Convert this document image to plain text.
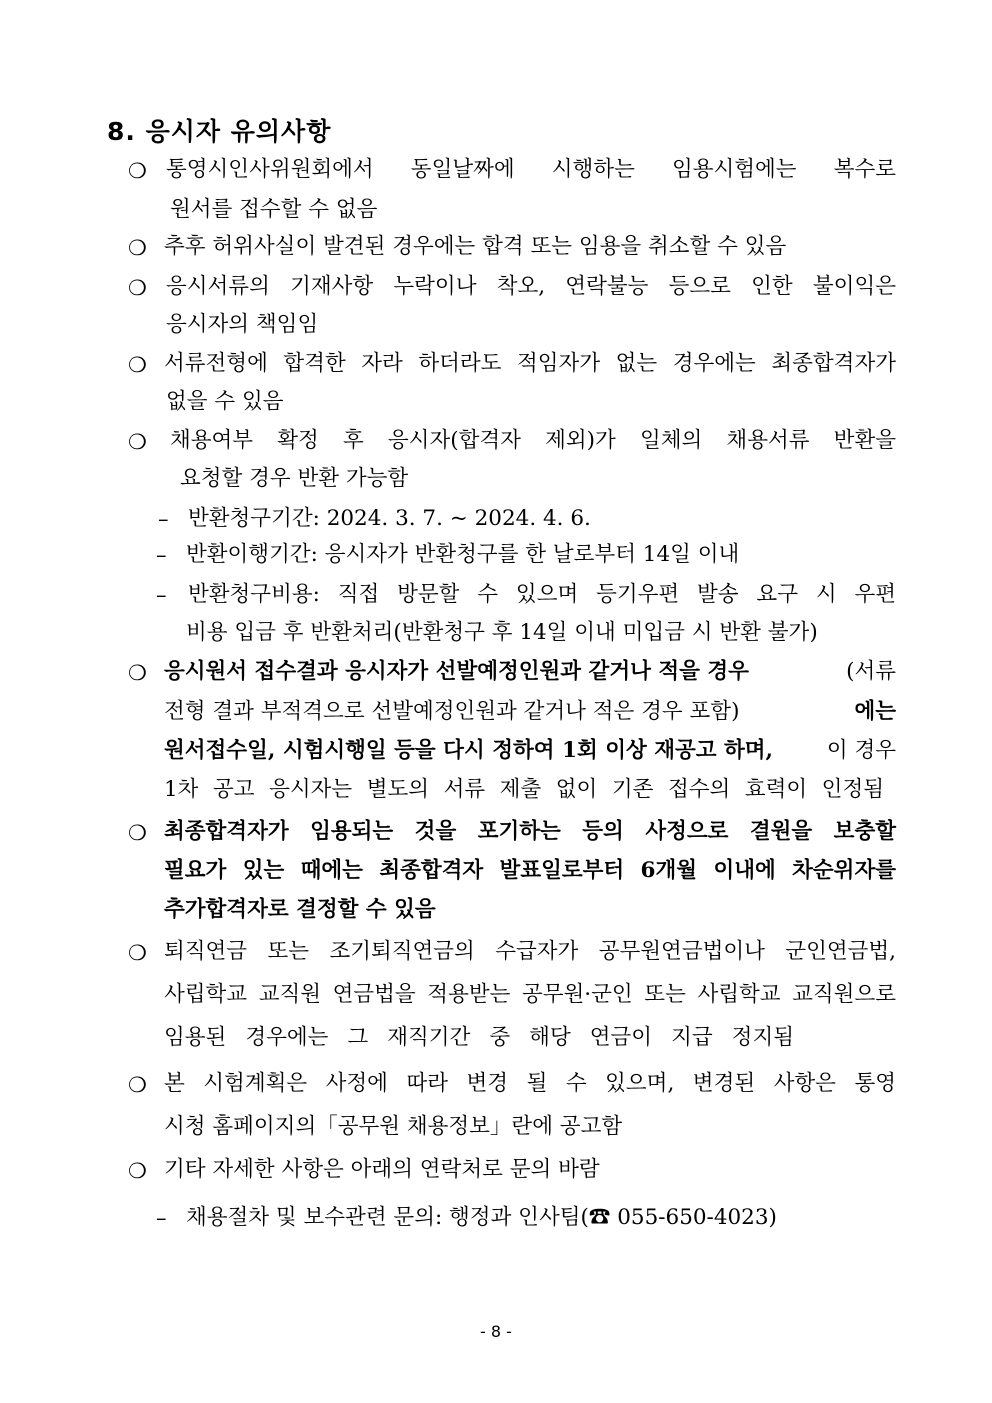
8. 응시자 유의사항
❍ 통영시인사위원회에서 동일날짜에 시행하는 임용시험에는 복수로
원서를 접수할 수 없음
❍ 추후 허위사실이 발견된 경우에는 합격 또는 임용을 취소할 수 있음
❍ 응시서류의 기재사항 누락이나 착오, 연락불능 등으로 인한 불이익은
응시자의 책임임
❍ 서류전형에 합격한 자라 하더라도 적임자가 없는 경우에는 최종합격자가
없을 수 있음
❍ 채용여부 확정 후 응시자(합격자 제외)가 일체의 채용서류 반환을
요청할 경우 반환 가능함
– 반환청구기간: 2024. 3. 7. ~ 2024. 4. 6.
– 반환이행기간: 응시자가 반환청구를 한 날로부터 14일 이내
– 반환청구비용: 직접 방문할 수 있으며 등기우편 발송 요구 시 우편
비용 입금 후 반환처리(반환청구 후 14일 이내 미입금 시 반환 불가)
❍ 응시원서 접수결과 응시자가 선발예정인원과 같거나 적을 경우	(서류
전형 결과 부적격으로 선발예정인원과 같거나 적은 경우 포함)	에는
원서접수일, 시험시행일 등을 다시 정하여 1회 이상 재공고 하며,	이 경우
1차 공고 응시자는 별도의 서류 제출 없이 기존 접수의 효력이 인정됨
❍ 최종합격자가 임용되는 것을 포기하는 등의 사정으로 결원을 보충할
필요가 있는 때에는 최종합격자 발표일로부터 6개월 이내에 차순위자를
추가합격자로 결정할 수 있음
❍ 퇴직연금 또는 조기퇴직연금의 수급자가 공무원연금법이나 군인연금법,
사립학교 교직원 연금법을 적용받는 공무원·군인 또는 사립학교 교직원으로
임용된 경우에는 그 재직기간 중 해당 연금이 지급 정지됨
❍ 본 시험계획은 사정에 따라 변경 될 수 있으며, 변경된 사항은 통영
시청 홈페이지의「공무원 채용정보」란에 공고함
❍ 기타 자세한 사항은 아래의 연락처로 문의 바람
– 채용절차 및 보수관련 문의: 행정과 인사팀(☎ 055-650-4023)
- 8 -
